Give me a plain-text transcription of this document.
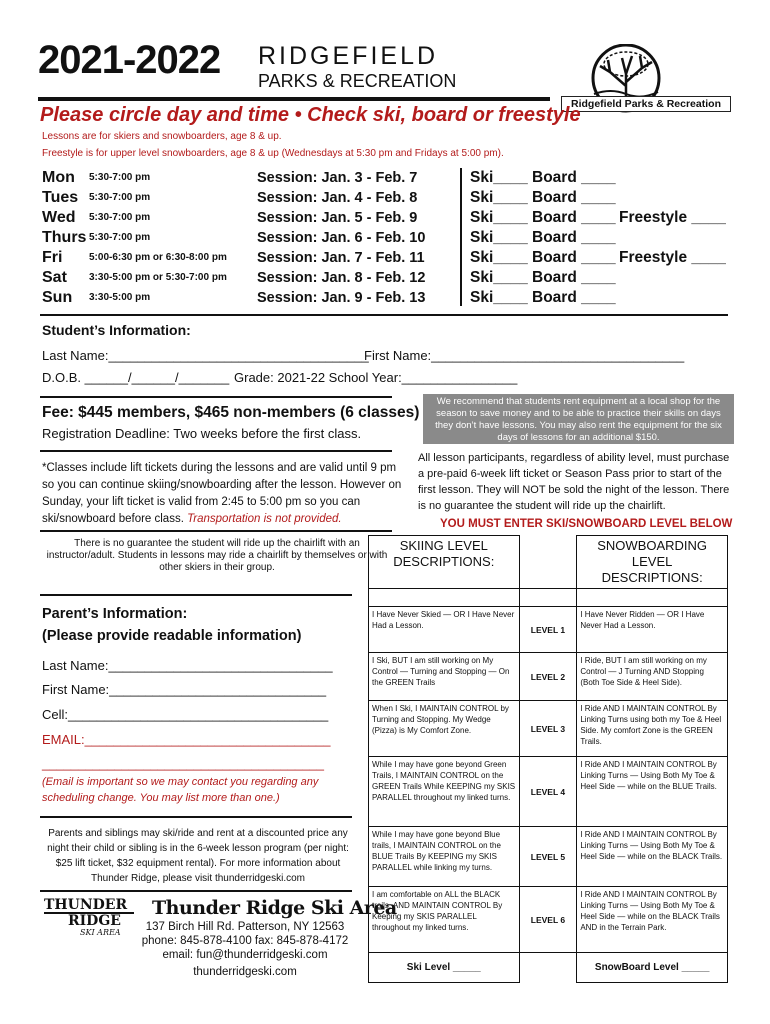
2021-2022 RIDGEFIELD
PARKS & RECREATION
Ridgefield Parks & Recreation
Please circle day and time • Check ski, board or freestyle
Lessons are for skiers and snowboarders, age 8 & up.
Freestyle is for upper level snowboarders, age 8 & up (Wednesdays at 5:30 pm and Fridays at 5:00 pm).
Mon 5:30-7:00 pm	Session: Jan. 3 - Feb. 7	Ski____ Board ____
Tues 5:30-7:00 pm	Session: Jan. 4 - Feb. 8	Ski____ Board ____
Wed 5:30-7:00 pm	Session: Jan. 5 - Feb. 9	Ski____ Board ____ Freestyle ____
Thurs 5:30-7:00 pm	Session: Jan. 6 - Feb. 10	Ski____ Board ____
Fri	5:00-6:30 pm or 6:30-8:00 pm Session: Jan. 7 - Feb. 11	Ski____ Board ____ Freestyle ____
Sat 3:30-5:00 pm or 5:30-7:00 pm Session: Jan. 8 - Feb. 12	Ski____ Board ____
Sun 3:30-5:00 pm	Session: Jan. 9 - Feb. 13	Ski____ Board ____
Student’s Information:
Last Name:____________________________________
First Name:___________________________________
D.O.B. ______/______/_______ Grade: 2021-22 School Year:________________
Fee: $445 members, $465 non-members (6 classes)
Registration Deadline: Two weeks before the first class.
We recommend that students rent equipment at a local shop for the season to save money and to be able to practice their skills on days they don’t have lessons. You may also rent the equipment for the six days of lessons for an additional $150.
All lesson participants, regardless of ability level, must purchase a pre-paid 6-week lift ticket or Season Pass prior to start of the first lesson. They will NOT be sold the night of the lesson. There is no guarantee the student will ride up the chairlift.
*Classes include lift tickets during the lessons and are valid until 9 pm so you can continue skiing/snowboarding after the lesson. However on Sunday, your lift ticket is valid from 2:45 to 5:00 pm so you can ski/snowboard before class. Transportation is not provided.
There is no guarantee the student will ride up the chairlift with an instructor/adult. Students in lessons may ride a chairlift by themselves or with other skiers in their group.
YOU MUST ENTER SKI/SNOWBOARD LEVEL BELOW
SKIING LEVEL DESCRIPTIONS:		SNOWBOARDING LEVEL DESCRIPTIONS:

I Have Never Skied — OR I Have Never Had a Lesson.	LEVEL 1	I Have Never Ridden — OR I Have Never Had a Lesson.
I Ski, BUT I am still working on My Control — Turning and Stopping — On the GREEN Trails	LEVEL 2	I Ride, BUT I am still working on my Control — J Turning AND Stopping (Both Toe Side & Heel Side).
When I Ski, I MAINTAIN CONTROL by Turning and Stopping. My Wedge (Pizza) is My Comfort Zone.	LEVEL 3	I Ride AND I MAINTAIN CONTROL By Linking Turns using both my Toe & Heel Side. My comfort Zone is the GREEN Trails.
While I may have gone beyond Green Trails, I MAINTAIN CONTROL on the GREEN Trails While KEEPING my SKIS PARALLEL throughout my linked turns.	LEVEL 4	I Ride AND I MAINTAIN CONTROL By Linking Turns — Using Both My Toe & Heel Side — while on the BLUE Trails.
While I may have gone beyond Blue trails, I MAINTAIN CONTROL on the BLUE Trails By KEEPING my SKIS PARALLEL while linking my turns.	LEVEL 5	I Ride AND I MAINTAIN CONTROL By Linking Turns — Using Both My Toe & Heel Side — while on the BLACK Trails.
I am comfortable on ALL the BLACK trails, AND MAINTAIN CONTROL By Keeping my SKIS PARALLEL throughout my linked turns.	LEVEL 6	I Ride AND I MAINTAIN CONTROL By Linking Turns — Using Both My Toe & Heel Side — while on the BLACK Trails AND in the Terrain Park.
Ski Level _____		SnowBoard Level _____
Parent’s Information:
(Please provide readable information)
Last Name:_______________________________
First Name:______________________________
Cell:____________________________________
EMAIL:__________________________________
_______________________________________
(Email is important so we may contact you regarding any scheduling change. You may list more than one.)
Parents and siblings may ski/ride and rent at a discounted price any night their child or sibling is in the 6-week lesson program (per night: $25 lift ticket, $32 equipment rental). For more information about Thunder Ridge, please visit thunderridgeski.com
THUNDER
RIDGE
SKI AREA
Thunder Ridge Ski Area
137 Birch Hill Rd. Patterson, NY 12563
phone: 845-878-4100 fax: 845-878-4172
email: fun@thunderridgeski.com
thunderridgeski.com
